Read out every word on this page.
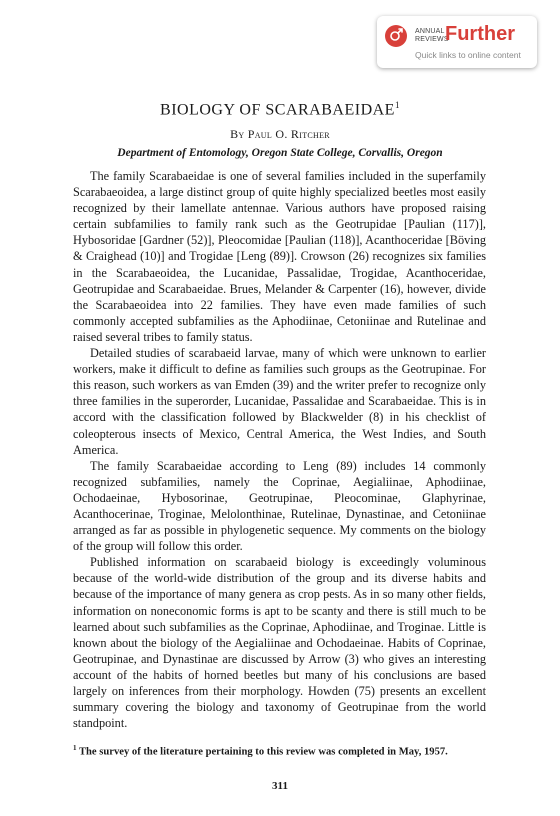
ANNUAL REVIEWS
Further
Quick links to online content
BIOLOGY OF SCARABAEIDAE$^1$
By Paul O. Ritcher
Department of Entomology, Oregon State College, Corvallis, Oregon

The family Scarabaeidae is one of several families included in the superfamily Scarabaeoidea, a large distinct group of quite highly specialized beetles most easily recognized by their lamellate antennae. Various authors have proposed raising certain subfamilies to family rank such as the Geotrupidae [Paulian (117)], Hybosoridae [Gardner (52)], Pleocomidae [Paulian (118)], Acanthoceridae [Böving & Craighead (10)] and Trogidae [Leng (89)]. Crowson (26) recognizes six families in the Scarabaeoidea, the Lucanidae, Passalidae, Trogidae, Acanthoceridae, Geotrupidae and Scarabaeidae. Brues, Melander & Carpenter (16), however, divide the Scarabaeoidea into 22 families. They have even made families of such commonly accepted subfamilies as the Aphodiinae, Cetoniinae and Rutelinae and raised several tribes to family status.

Detailed studies of scarabaeid larvae, many of which were unknown to earlier workers, make it difficult to define as families such groups as the Geotrupinae. For this reason, such workers as van Emden (39) and the writer prefer to recognize only three families in the superorder, Lucanidae, Passalidae and Scarabaeidae. This is in accord with the classification followed by Blackwelder (8) in his checklist of coleopterous insects of Mexico, Central America, the West Indies, and South America.

The family Scarabaeidae according to Leng (89) includes 14 commonly recognized subfamilies, namely the Coprinae, Aegialiinae, Aphodiinae, Ochodaeinae, Hybosorinae, Geotrupinae, Pleocominae, Glaphyrinae, Acanthocerinae, Troginae, Melolonthinae, Rutelinae, Dynastinae, and Cetoniinae arranged as far as possible in phylogenetic sequence. My comments on the biology of the group will follow this order.

Published information on scarabaeid biology is exceedingly voluminous because of the world-wide distribution of the group and its diverse habits and because of the importance of many genera as crop pests. As in so many other fields, information on noneconomic forms is apt to be scanty and there is still much to be learned about such subfamilies as the Coprinae, Aphodiinae, and Troginae. Little is known about the biology of the Aegialiinae and Ochodaeinae. Habits of Coprinae, Geotrupinae, and Dynastinae are discussed by Arrow (3) who gives an interesting account of the habits of horned beetles but many of his conclusions are based largely on inferences from their morphology. Howden (75) presents an excellent summary covering the biology and taxonomy of Geotrupinae from the world standpoint.

$^1$ The survey of the literature pertaining to this review was completed in May, 1957.
311
